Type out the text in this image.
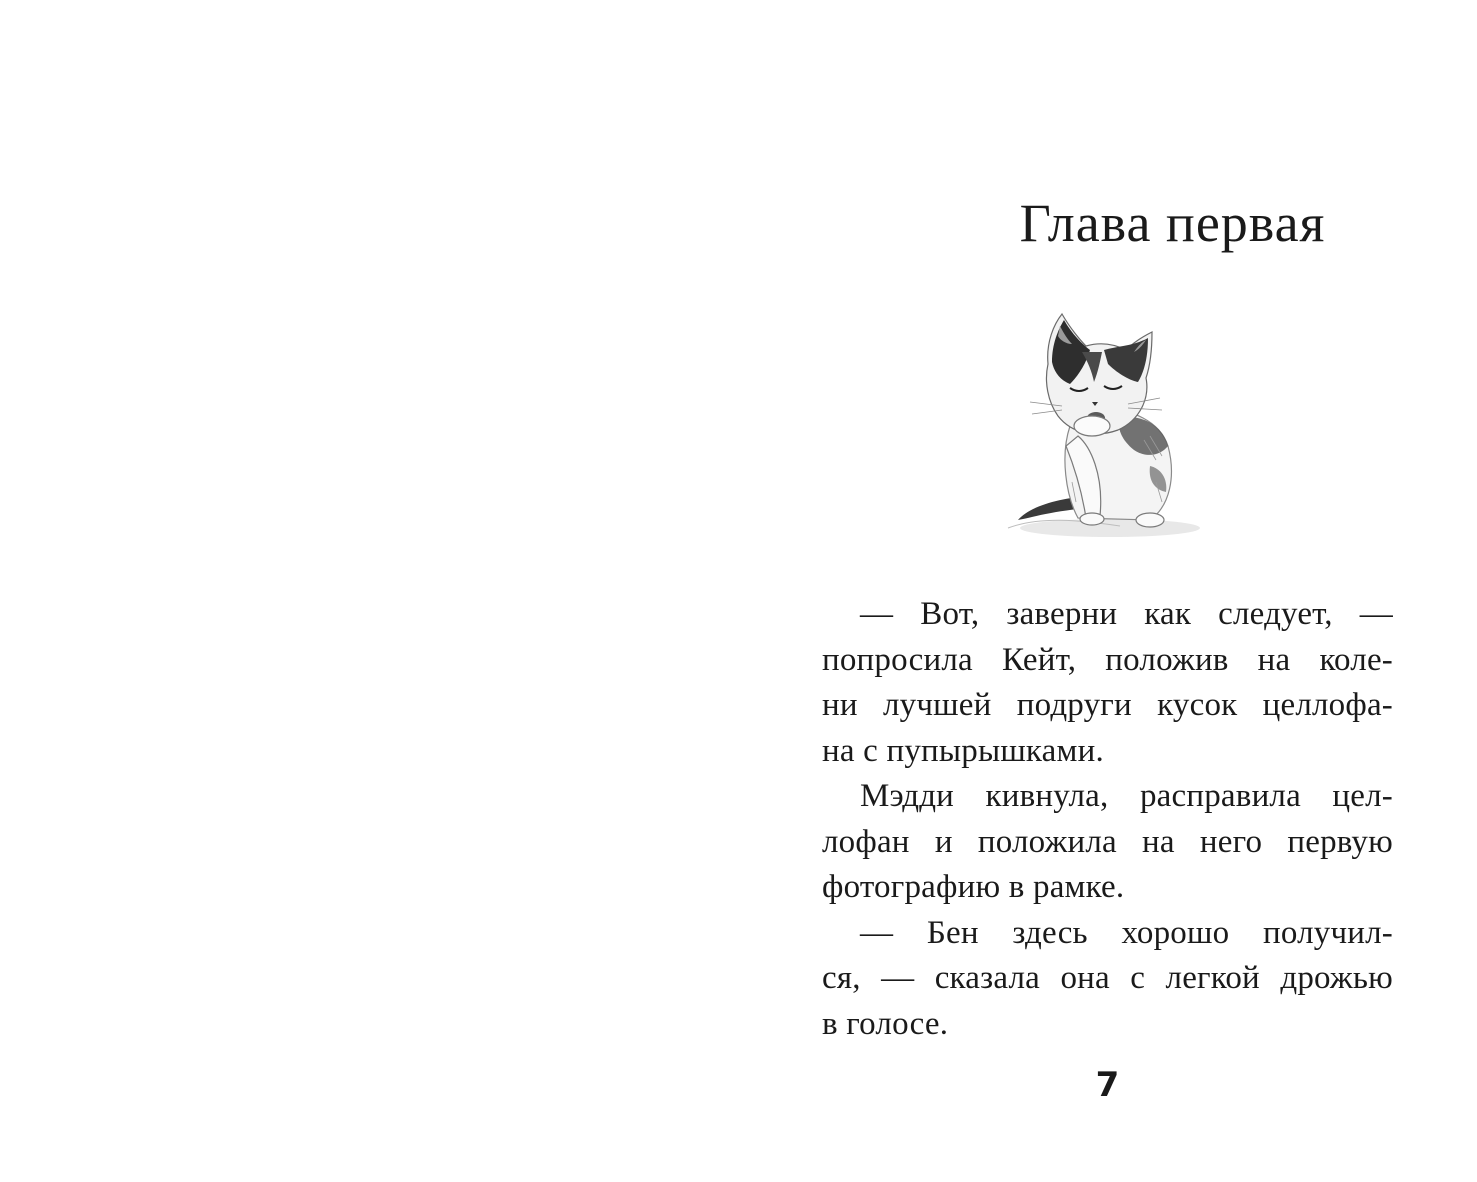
Глава первая
— Вот, заверни как следует, —
попросила Кейт, положив на коле-
ни лучшей подруги кусок целлофа-
на с пупырышками.
Мэдди кивнула, расправила цел-
лофан и положила на него первую
фотографию в рамке.
— Бен здесь хорошо получил-
ся, — сказала она с легкой дрожью
в голосе.
7
